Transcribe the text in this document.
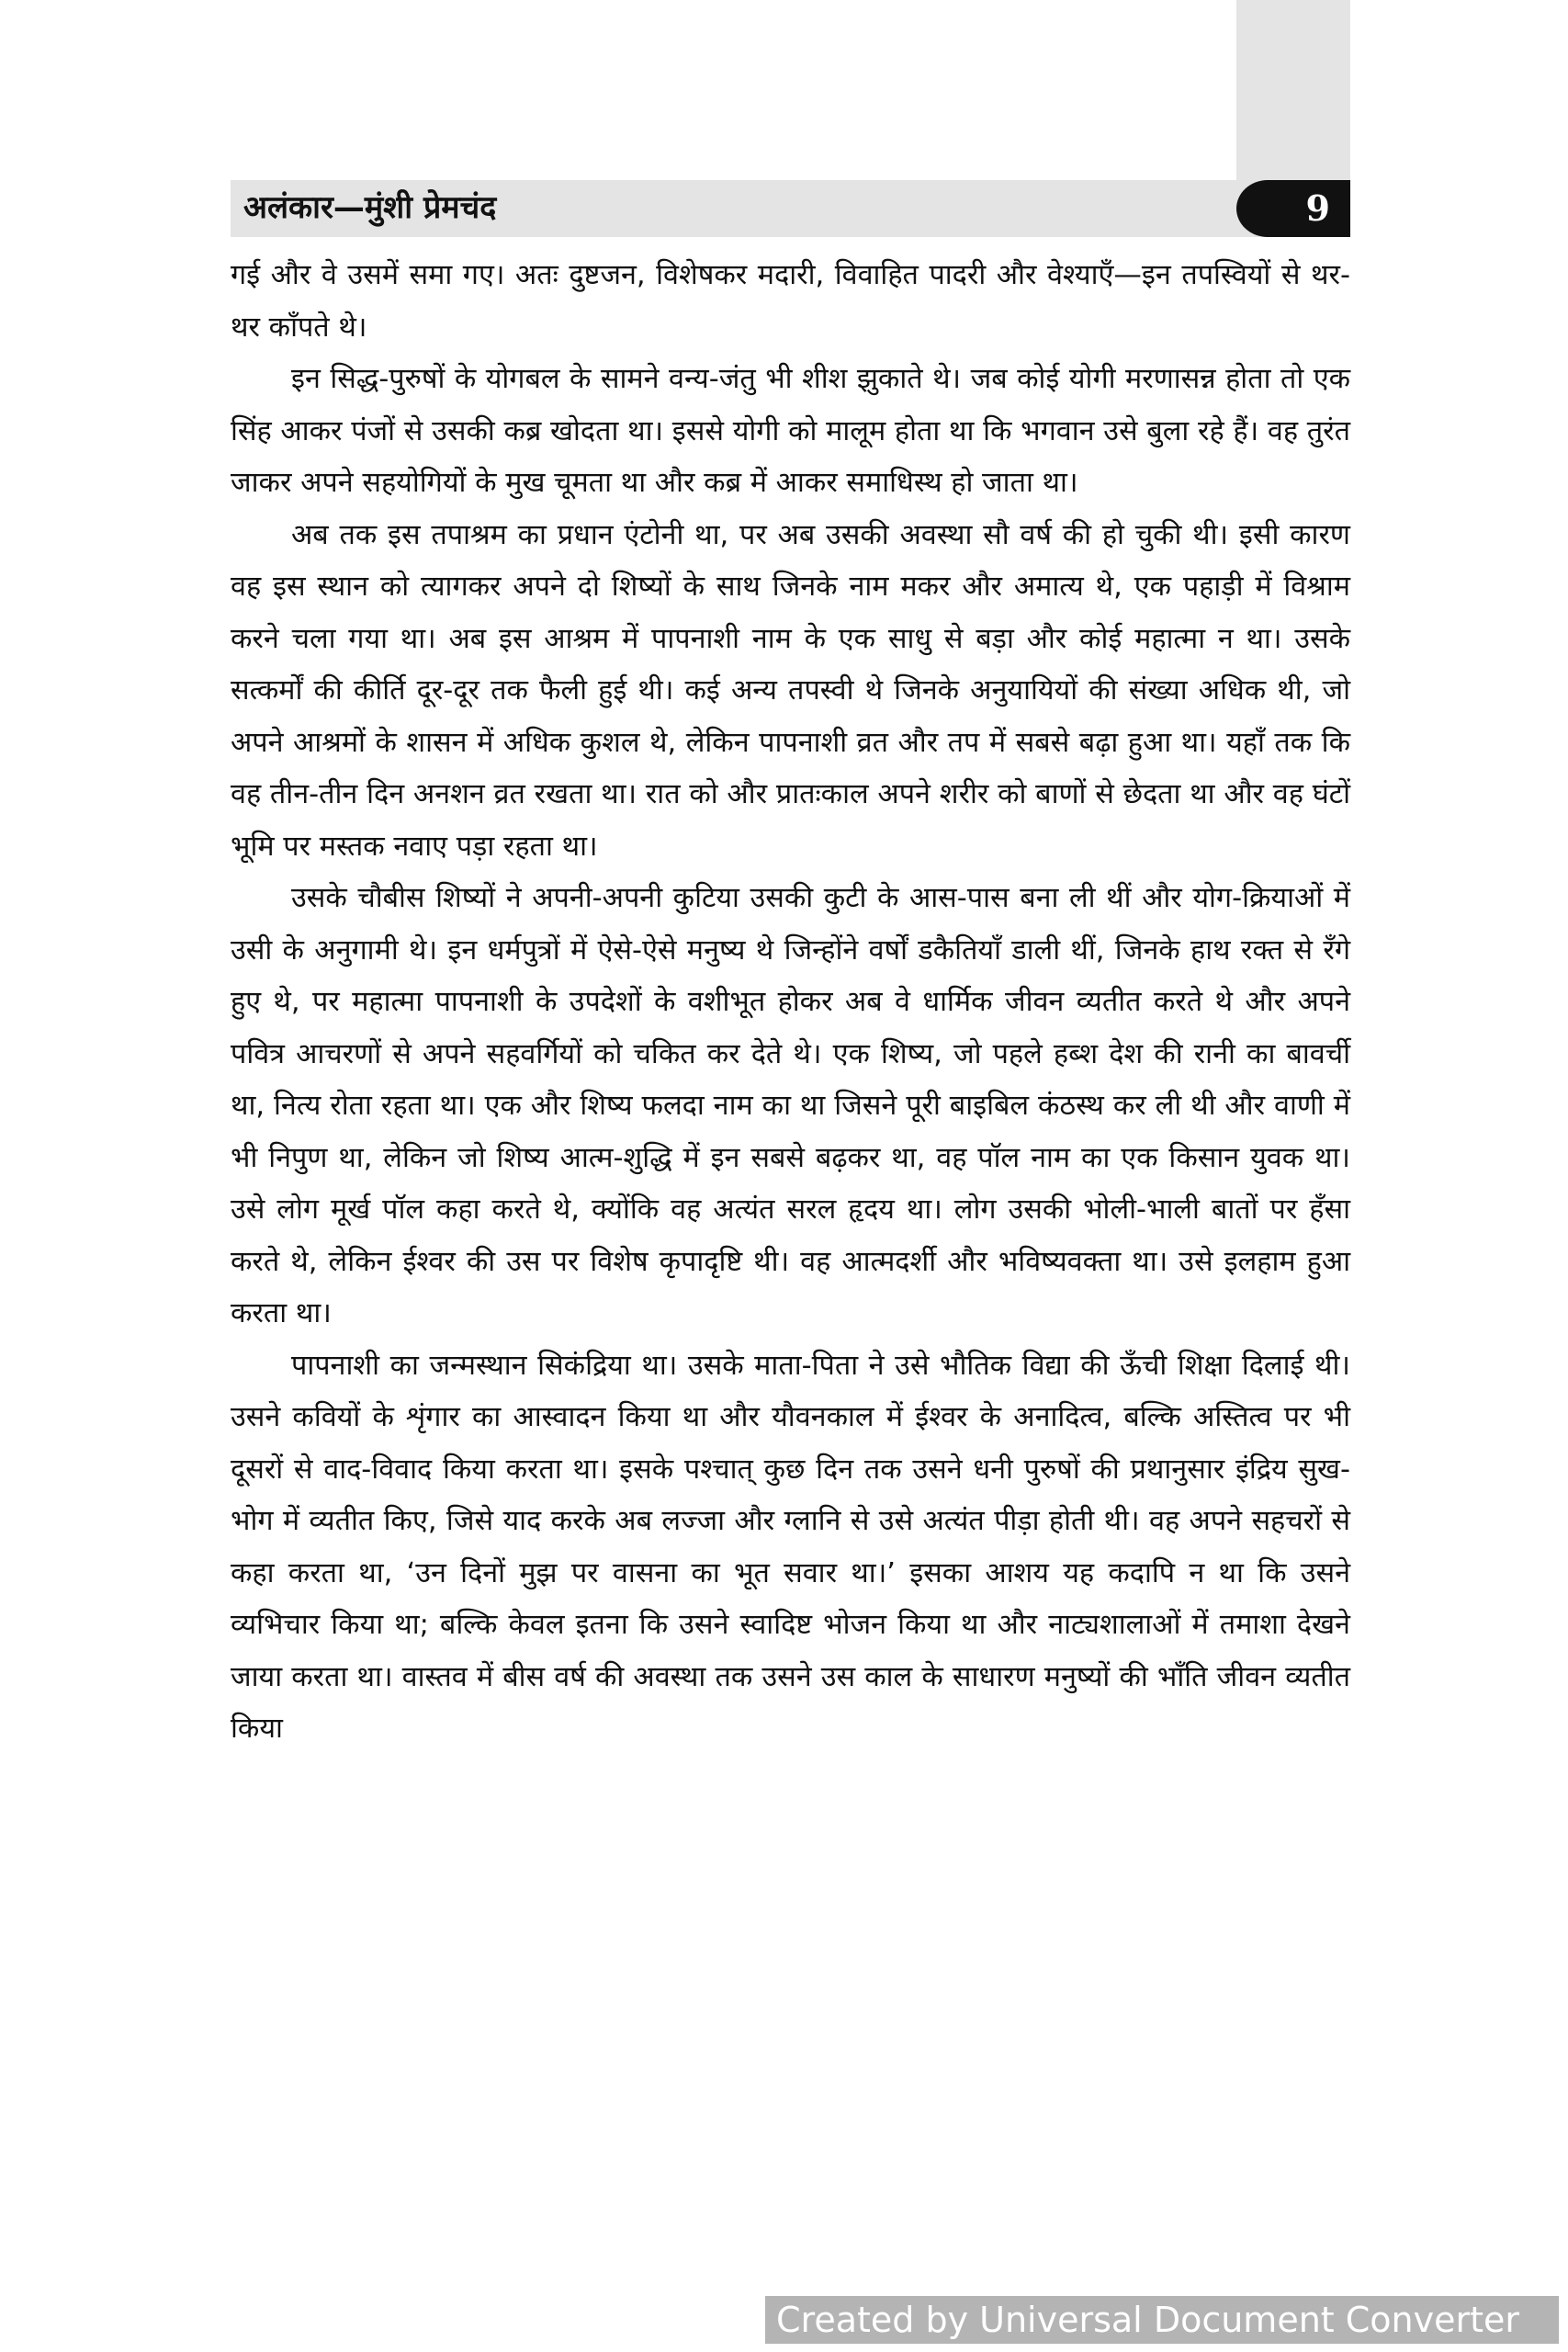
अलंकार—मुंशी प्रेमचंद	9

गई और वे उसमें समा गए। अतः दुष्टजन, विशेषकर मदारी, विवाहित पादरी और वेश्याएँ—इन तपस्वियों से थर-थर काँपते थे।

इन सिद्ध-पुरुषों के योगबल के सामने वन्य-जंतु भी शीश झुकाते थे। जब कोई योगी मरणासन्न होता तो एक सिंह आकर पंजों से उसकी कब्र खोदता था। इससे योगी को मालूम होता था कि भगवान उसे बुला रहे हैं। वह तुरंत जाकर अपने सहयोगियों के मुख चूमता था और कब्र में आकर समाधिस्थ हो जाता था।

अब तक इस तपाश्रम का प्रधान एंटोनी था, पर अब उसकी अवस्था सौ वर्ष की हो चुकी थी। इसी कारण वह इस स्थान को त्यागकर अपने दो शिष्यों के साथ जिनके नाम मकर और अमात्य थे, एक पहाड़ी में विश्राम करने चला गया था। अब इस आश्रम में पापनाशी नाम के एक साधु से बड़ा और कोई महात्मा न था। उसके सत्कर्मों की कीर्ति दूर-दूर तक फैली हुई थी। कई अन्य तपस्वी थे जिनके अनुयायियों की संख्या अधिक थी, जो अपने आश्रमों के शासन में अधिक कुशल थे, लेकिन पापनाशी व्रत और तप में सबसे बढ़ा हुआ था। यहाँ तक कि वह तीन-तीन दिन अनशन व्रत रखता था। रात को और प्रातःकाल अपने शरीर को बाणों से छेदता था और वह घंटों भूमि पर मस्तक नवाए पड़ा रहता था।

उसके चौबीस शिष्यों ने अपनी-अपनी कुटिया उसकी कुटी के आस-पास बना ली थीं और योग-क्रियाओं में उसी के अनुगामी थे। इन धर्मपुत्रों में ऐसे-ऐसे मनुष्य थे जिन्होंने वर्षों डकैतियाँ डाली थीं, जिनके हाथ रक्त से रँगे हुए थे, पर महात्मा पापनाशी के उपदेशों के वशीभूत होकर अब वे धार्मिक जीवन व्यतीत करते थे और अपने पवित्र आचरणों से अपने सहवर्गियों को चकित कर देते थे। एक शिष्य, जो पहले हब्श देश की रानी का बावर्ची था, नित्य रोता रहता था। एक और शिष्य फलदा नाम का था जिसने पूरी बाइबिल कंठस्थ कर ली थी और वाणी में भी निपुण था, लेकिन जो शिष्य आत्म-शुद्धि में इन सबसे बढ़कर था, वह पॉल नाम का एक किसान युवक था। उसे लोग मूर्ख पॉल कहा करते थे, क्योंकि वह अत्यंत सरल हृदय था। लोग उसकी भोली-भाली बातों पर हँसा करते थे, लेकिन ईश्वर की उस पर विशेष कृपादृष्टि थी। वह आत्मदर्शी और भविष्यवक्ता था। उसे इलहाम हुआ करता था।

पापनाशी का जन्मस्थान सिकंद्रिया था। उसके माता-पिता ने उसे भौतिक विद्या की ऊँची शिक्षा दिलाई थी। उसने कवियों के शृंगार का आस्वादन किया था और यौवनकाल में ईश्वर के अनादित्व, बल्कि अस्तित्व पर भी दूसरों से वाद-विवाद किया करता था। इसके पश्चात् कुछ दिन तक उसने धनी पुरुषों की प्रथानुसार इंद्रिय सुख-भोग में व्यतीत किए, जिसे याद करके अब लज्जा और ग्लानि से उसे अत्यंत पीड़ा होती थी। वह अपने सहचरों से कहा करता था, ‘उन दिनों मुझ पर वासना का भूत सवार था।’ इसका आशय यह कदापि न था कि उसने व्यभिचार किया था; बल्कि केवल इतना कि उसने स्वादिष्ट भोजन किया था और नाट्यशालाओं में तमाशा देखने जाया करता था। वास्तव में बीस वर्ष की अवस्था तक उसने उस काल के साधारण मनुष्यों की भाँति जीवन व्यतीत किया

Created by Universal Document Converter
